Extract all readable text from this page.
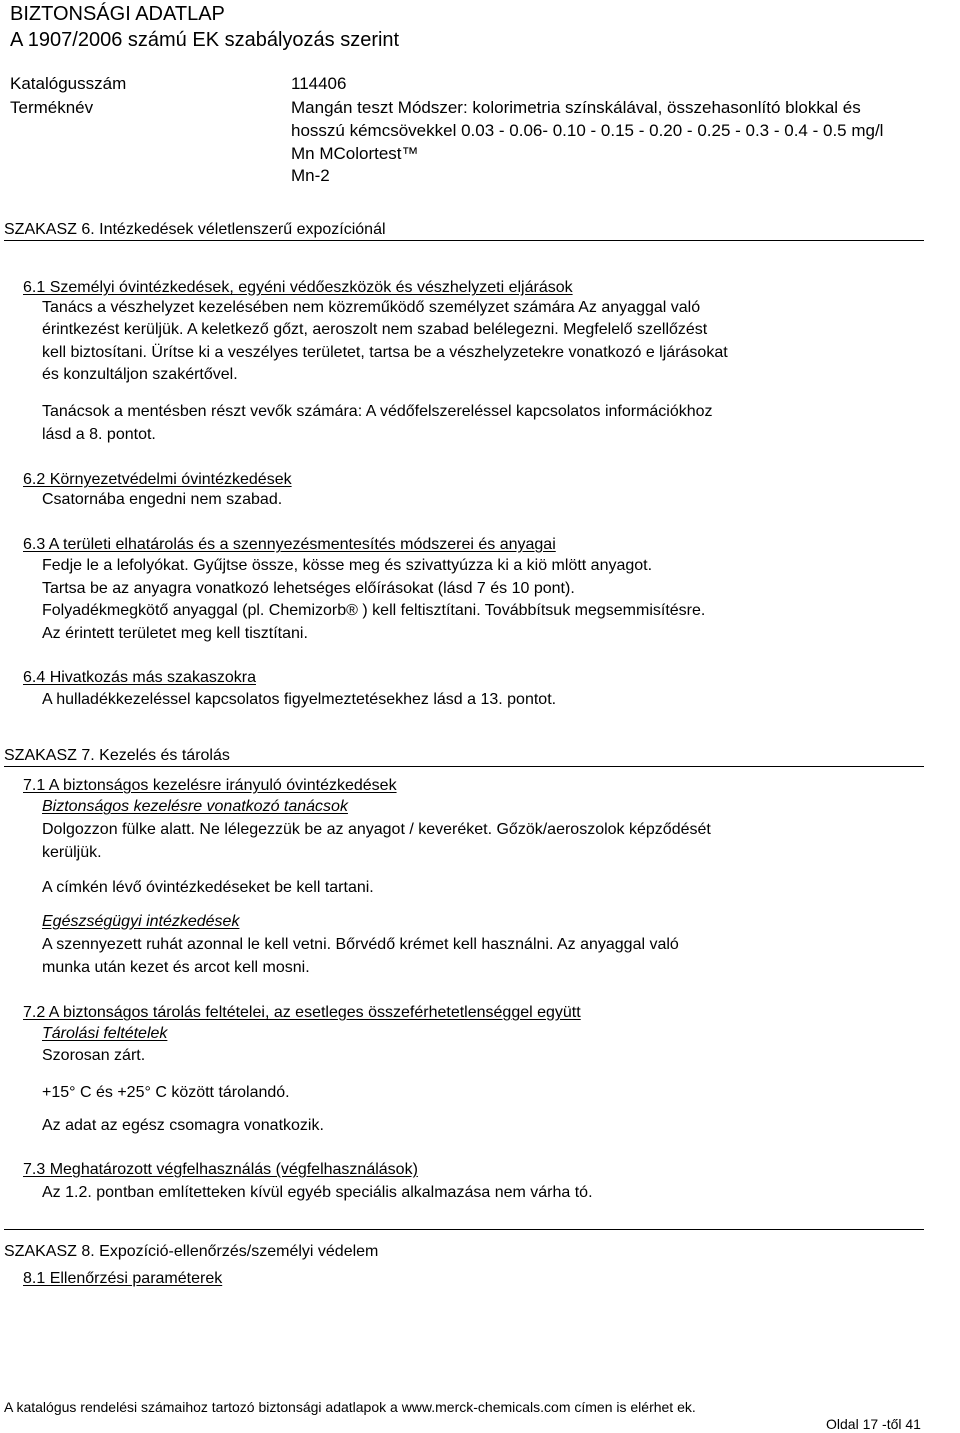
BIZTONSÁGI ADATLAP
A 1907/2006 számú EK szabályozás szerint
Katalógusszám	114406
Terméknév	Mangán teszt Módszer: kolorimetria színskálával, összehasonlító blokkal és
hosszú kémcsövekkel 0.03 - 0.06- 0.10 - 0.15 - 0.20 - 0.25 - 0.3 - 0.4 - 0.5 mg/l
Mn MColortest™
Mn-2
SZAKASZ 6. Intézkedések véletlenszerű expozíciónál
6.1 Személyi óvintézkedések, egyéni védőeszközök és vészhelyzeti eljárások
Tanács a vészhelyzet kezelésében nem közreműködő személyzet számára Az anyaggal való
érintkezést kerüljük. A keletkező gőzt, aeroszolt nem szabad belélegezni. Megfelelő szellőzést
kell biztosítani. Ürítse ki a veszélyes területet, tartsa be a vészhelyzetekre vonatkozó e ljárásokat
és konzultáljon szakértővel.
Tanácsok a mentésben részt vevők számára: A védőfelszereléssel kapcsolatos információkhoz
lásd a 8. pontot.
6.2 Környezetvédelmi óvintézkedések
Csatornába engedni nem szabad.
6.3 A területi elhatárolás és a szennyezésmentesítés módszerei és anyagai
Fedje le a lefolyókat. Gyűjtse össze, kösse meg és szivattyúzza ki a kiö mlött anyagot.
Tartsa be az anyagra vonatkozó lehetséges előírásokat (lásd 7 és 10 pont).
Folyadékmegkötő anyaggal (pl. Chemizorb® ) kell feltisztítani. Továbbítsuk megsemmisítésre.
Az érintett területet meg kell tisztítani.
6.4 Hivatkozás más szakaszokra
A hulladékkezeléssel kapcsolatos figyelmeztetésekhez lásd a 13. pontot.
SZAKASZ 7. Kezelés és tárolás
7.1 A biztonságos kezelésre irányuló óvintézkedések
Biztonságos kezelésre vonatkozó tanácsok
Dolgozzon fülke alatt. Ne lélegezzük be az anyagot / keveréket. Gőzök/aeroszolok képződését
kerüljük.
A címkén lévő óvintézkedéseket be kell tartani.
Egészségügyi intézkedések
A szennyezett ruhát azonnal le kell vetni. Bőrvédő krémet kell használni. Az anyaggal való
munka után kezet és arcot kell mosni.
7.2 A biztonságos tárolás feltételei, az esetleges összeférhetetlenséggel együtt
Tárolási feltételek
Szorosan zárt.
+15° C és +25° C között tárolandó.
Az adat az egész csomagra vonatkozik.
7.3 Meghatározott végfelhasználás (végfelhasználások)
Az 1.2. pontban említetteken kívül egyéb speciális alkalmazása nem várha tó.
SZAKASZ 8. Expozíció-ellenőrzés/személyi védelem
8.1 Ellenőrzési paraméterek
A katalógus rendelési számaihoz tartozó biztonsági adatlapok a www.merck-chemicals.com címen is elérhet ek.
Oldal 17 -től 41
